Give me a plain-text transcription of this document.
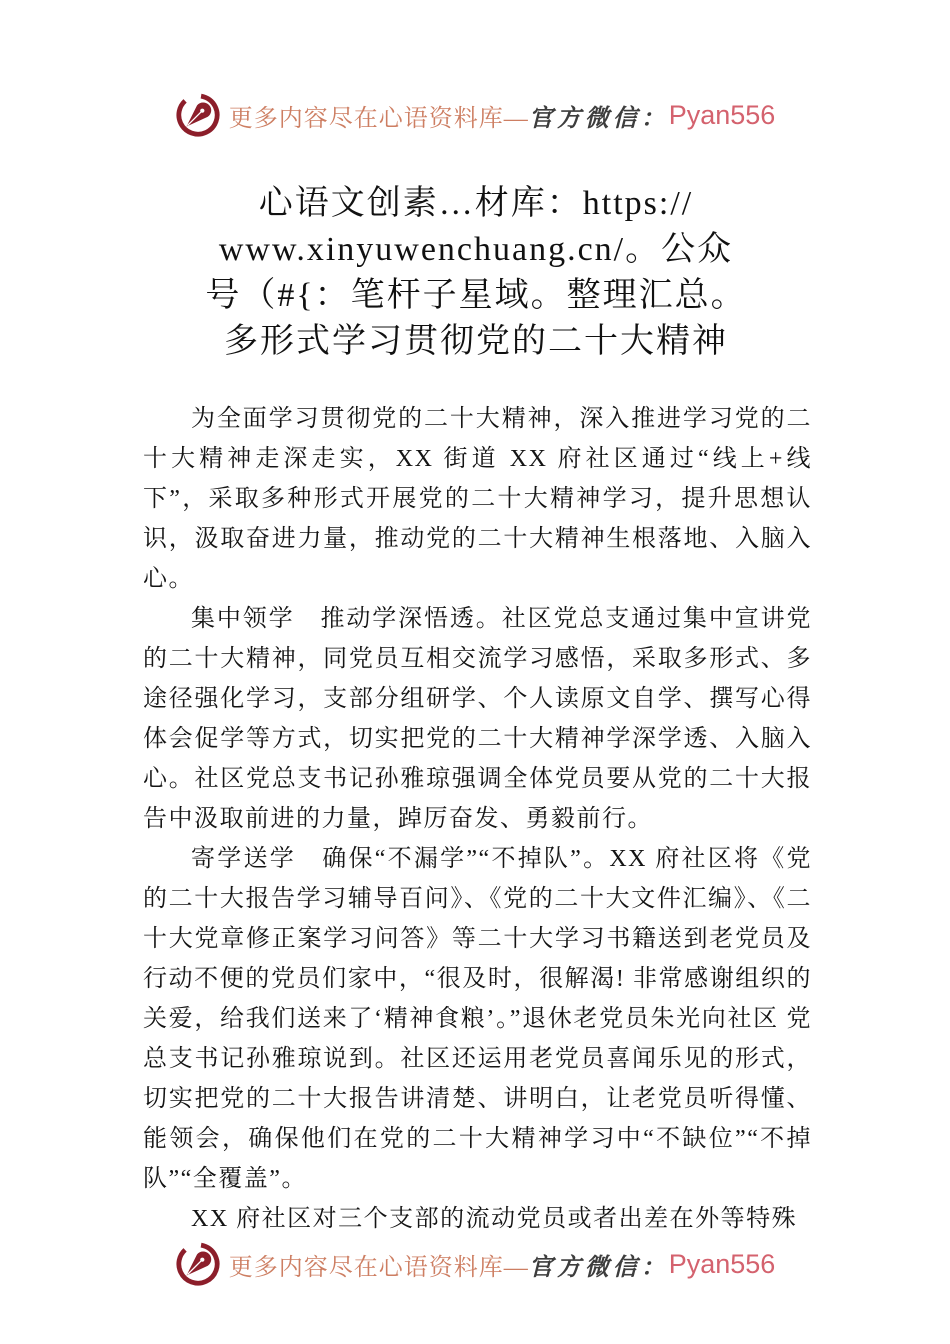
更多内容尽在心语资料库— 官方微信： Pyan556
心语文创素…材库：https://
www.xinyuwenchuang.cn/。公众
号（#{：笔杆子星域。整理汇总。
多形式学习贯彻党的二十大精神

为全面学习贯彻党的二十大精神，深入推进学习党的二十大精神走深走实，XX 街道 XX 府社区通过“线上+线下”，采取多种形式开展党的二十大精神学习，提升思想认识，汲取奋进力量，推动党的二十大精神生根落地、入脑入心。

集中领学　推动学深悟透。社区党总支通过集中宣讲党的二十大精神，同党员互相交流学习感悟，采取多形式、多途径强化学习，支部分组研学、个人读原文自学、撰写心得体会促学等方式，切实把党的二十大精神学深学透、入脑入心。社区党总支书记孙雅琼强调全体党员要从党的二十大报告中汲取前进的力量，踔厉奋发、勇毅前行。

寄学送学　确保“不漏学”“不掉队”。XX 府社区将《党的二十大报告学习辅导百问》、《党的二十大文件汇编》、《二 十大党章修正案学习问答》等二十大学习书籍送到老党员及行动不便的党员们家中，“很及时，很解渴! 非常感谢组织的 关爱，给我们送来了‘精神食粮’。”退休老党员朱光向社区 党总支书记孙雅琼说到。社区还运用老党员喜闻乐见的形式， 切实把党的二十大报告讲清楚、讲明白，让老党员听得懂、能领会，确保他们在党的二十大精神学习中“不缺位”“不掉 队”“全覆盖”。

XX 府社区对三个支部的流动党员或者出差在外等特殊

更多内容尽在心语资料库— 官方微信： Pyan556
